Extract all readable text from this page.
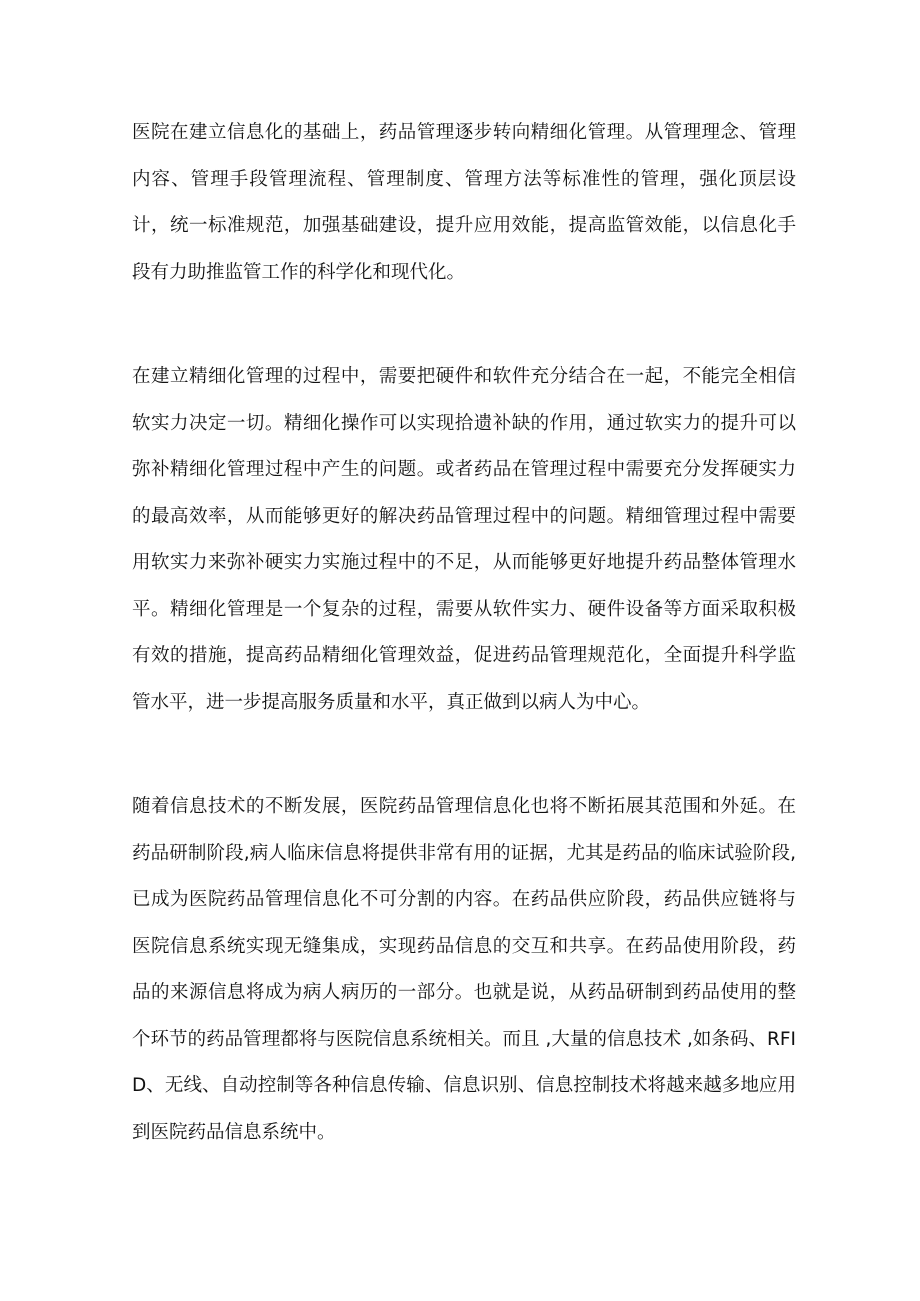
医院在建立信息化的基础上，药品管理逐步转向精细化管理。从管理理念、管理内容、管理手段管理流程、管理制度、管理方法等标准性的管理，强化顶层设计，统一标准规范，加强基础建设，提升应用效能，提高监管效能，以信息化手段有力助推监管工作的科学化和现代化。

在建立精细化管理的过程中，需要把硬件和软件充分结合在一起，不能完全相信软实力决定一切。精细化操作可以实现拾遗补缺的作用，通过软实力的提升可以弥补精细化管理过程中产生的问题。或者药品在管理过程中需要充分发挥硬实力的最高效率，从而能够更好的解决药品管理过程中的问题。精细管理过程中需要用软实力来弥补硬实力实施过程中的不足，从而能够更好地提升药品整体管理水平。精细化管理是一个复杂的过程，需要从软件实力、硬件设备等方面采取积极有效的措施，提高药品精细化管理效益，促进药品管理规范化，全面提升科学监管水平，进一步提高服务质量和水平，真正做到以病人为中心。

随着信息技术的不断发展，医院药品管理信息化也将不断拓展其范围和外延。在药品研制阶段,病人临床信息将提供非常有用的证据，尤其是药品的临床试验阶段,已成为医院药品管理信息化不可分割的内容。在药品供应阶段，药品供应链将与医院信息系统实现无缝集成，实现药品信息的交互和共享。在药品使用阶段，药品的来源信息将成为病人病历的一部分。也就是说，从药品研制到药品使用的整个环节的药品管理都将与医院信息系统相关。而且 ,大量的信息技术 ,如条码、RFID、无线、自动控制等各种信息传输、信息识别、信息控制技术将越来越多地应用到医院药品信息系统中。
